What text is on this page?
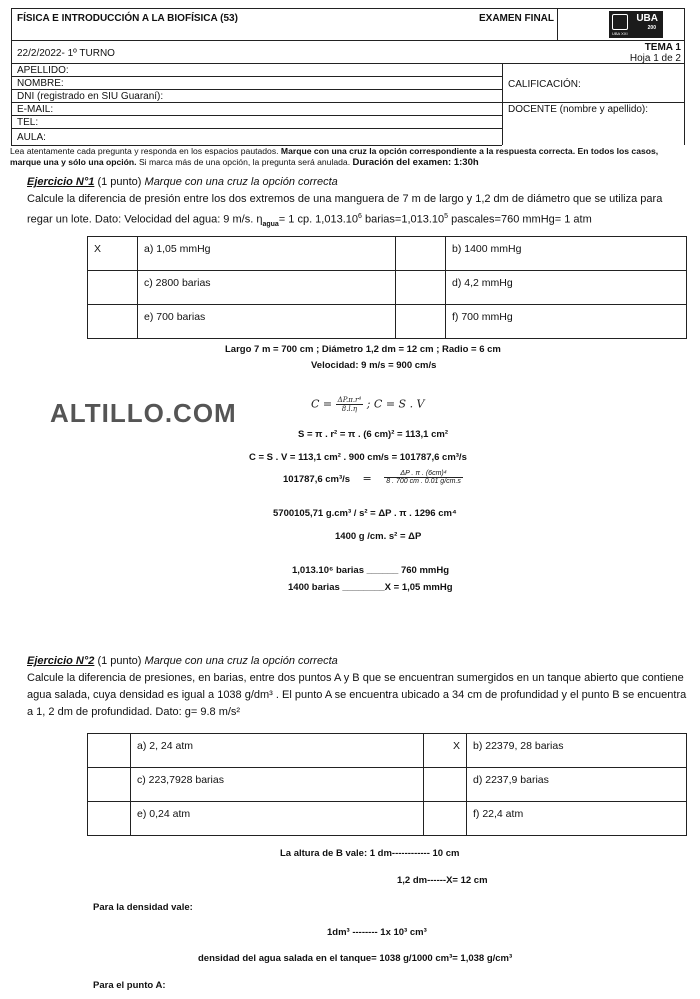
FÍSICA E INTRODUCCIÓN A LA BIOFÍSICA (53)	EXAMEN FINAL	UBA
200
UBA XXI
22/2/2022- 1º TURNO
TEMA 1
Hoja 1 de 2
APELLIDO:
NOMBRE:
DNI (registrado en SIU Guaraní):
E-MAIL:
TEL:
AULA:
CALIFICACIÓN:
DOCENTE (nombre y apellido):
Lea atentamente cada pregunta y responda en los espacios pautados. Marque con una cruz la opción correspondiente a la respuesta correcta. En todos los casos, marque una y sólo una opción. Si marca más de una opción, la pregunta será anulada. Duración del examen: 1:30h
Ejercicio N°1 (1 punto) Marque con una cruz la opción correcta
Calcule la diferencia de presión entre los dos extremos de una manguera de 7 m de largo y 1,2 dm de diámetro que se utiliza para regar un lote. Dato: Velocidad del agua: 9 m/s. $\eta_{agua}= 1$ cp. 1,013.10$^6$ $barias=1,013.10^5$ pascales=760 mmHg= 1 atm
X	a) 1,05 mmHg		b) 1400 mmHg
	c) 2800 barias		d) 4,2 mmHg
	e) 700 barias		f) 700 mmHg
Largo 7 m = 700 cm ; Diámetro 1,2 dm = 12 cm ; Radio = 6 cm
Velocidad: 9 m/s = 900 cm/s
ALTILLO.COM	$C = \frac{\text{ΔP.π.r⁴}}{8.l.\eta}$ ; C = S . V
S = π . r² = π . (6 cm)² = 113,1 cm²
C = S . V = 113,1 cm² . 900 cm/s = 101787,6 cm³/s
101787,6 $cm^3/s = \frac{\text{ΔP . π . (6cm)⁴}}{8 . 700 cm . 0.01 g/cm.s}$
5700105,71 g.cm³ / s² = ΔP . π . 1296 cm⁴
1400 g /cm. s² = ΔP
1,013.10⁶ barias ______ 760 mmHg
1400 barias ________X = 1,05 mmHg
Ejercicio N°2 (1 punto) Marque con una cruz la opción correcta
Calcule la diferencia de presiones, en barias, entre dos puntos A y B que se encuentran sumergidos en un tanque abierto que contiene agua salada, cuya densidad es igual a 1038 g/dm³ . El punto A se encuentra ubicado a 34 cm de profundidad y el punto B se encuentra a 1, 2 dm de profundidad. Dato: g= 9.8 m/s²
	a) 2, 24 atm	X	b) 22379, 28 barias
	c) 223,7928 barias		d) 2237,9 barias
	e) 0,24 atm		f) 22,4 atm
La altura de B vale: 1 dm------------ 10 cm
1,2 dm------X= 12 cm
Para la densidad vale:
1dm³ -------- 1x 10³ cm³
densidad del agua salada en el tanque= 1038 g/1000 cm³= 1,038 g/cm³
Para el punto A:
